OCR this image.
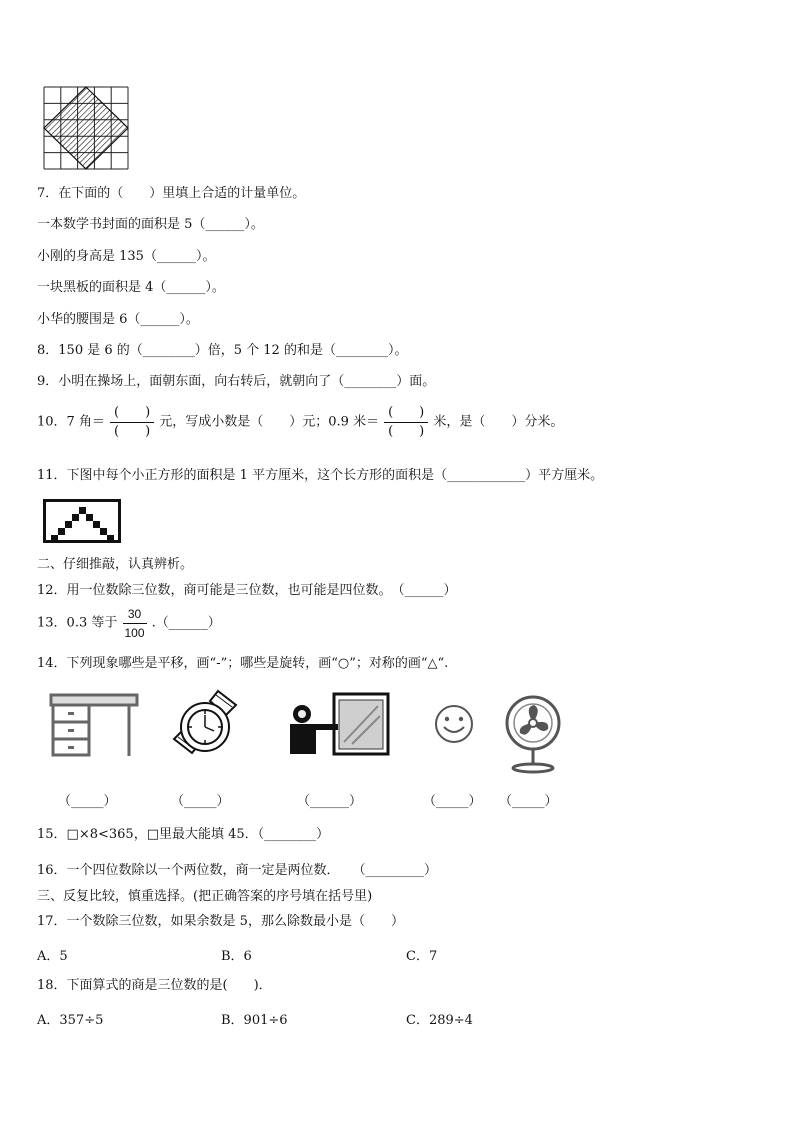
7．在下面的（　　）里填上合适的计量单位。
一本数学书封面的面积是 5（______）。
小刚的身高是 135（______）。
一块黑板的面积是 4（______）。
小华的腰围是 6（______）。
8．150 是 6 的（________）倍，5 个 12 的和是（________）。
9．小明在操场上，面朝东面，向右转后，就朝向了（________）面。
10．7 角＝ $\frac{( )}{( )}$ 元，写成小数是（　　）元；0.9 米＝ $\frac{( )}{( )}$ 米，是（　　）分米。
11．下图中每个小正方形的面积是 1 平方厘米，这个长方形的面积是（____________）平方厘米。
二、仔细推敲，认真辨析。
12．用一位数除三位数，商可能是三位数，也可能是四位数。　（______）
13．0.3 等于 $\frac{30}{100}$ .（______）
14．下列现象哪些是平移，画“-”；哪些是旋转，画“○”；对称的画“△“.
（_____）	（_____）	（______）	（_____） （_____）
15．□×8<365，□里最大能填 45．（________）
16．一个四位数除以一个两位数，商一定是两位数．　　（_________）
三、反复比较，慎重选择。(把正确答案的序号填在括号里)
17．一个数除三位数，如果余数是 5，那么除数最小是（　　）
A．5	B．6	C．7
18．下面算式的商是三位数的是(　　)．
A．357÷5	B．901÷6	C．289÷4
